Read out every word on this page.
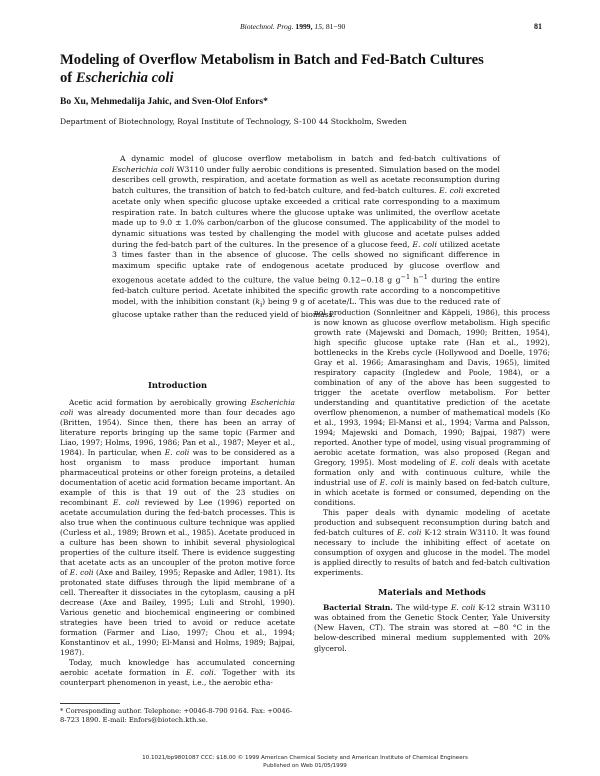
Biotechnol. Prog. 1999, 15, 81−90	81
Modeling of Overflow Metabolism in Batch and Fed-Batch Cultures
of Escherichia coli
Bo Xu, Mehmedalija Jahic, and Sven-Olof Enfors*
Department of Biotechnology, Royal Institute of Technology, S-100 44 Stockholm, Sweden
A dynamic model of glucose overflow metabolism in batch and fed-batch cultivations of Escherichia coli W3110 under fully aerobic conditions is presented. Simulation based on the model describes cell growth, respiration, and acetate formation as well as acetate reconsumption during batch cultures, the transition of batch to fed-batch culture, and fed-batch cultures. E. coli excreted acetate only when specific glucose uptake exceeded a critical rate corresponding to a maximum respiration rate. In batch cultures where the glucose uptake was unlimited, the overflow acetate made up to 9.0 ± 1.0% carbon/carbon of the glucose consumed. The applicability of the model to dynamic situations was tested by challenging the model with glucose and acetate pulses added during the fed-batch part of the cultures. In the presence of a glucose feed, E. coli utilized acetate 3 times faster than in the absence of glucose. The cells showed no significant difference in maximum specific uptake rate of endogenous acetate produced by glucose overflow and exogenous acetate added to the culture, the value being 0.12−0.18 g $g^{-1}$ $h^{-1}$ during the entire fed-batch culture period. Acetate inhibited the specific growth rate according to a noncompetitive model, with the inhibition constant $(k_i)$ being 9 g of acetate/L. This was due to the reduced rate of glucose uptake rather than the reduced yield of biomass.
Introduction

Acetic acid formation by aerobically growing Escherichia coli was already documented more than four decades ago (Britten, 1954). Since then, there has been an array of literature reports bringing up the same topic (Farmer and Liao, 1997; Holms, 1996, 1986; Pan et al., 1987; Meyer et al., 1984). In particular, when E. coli was to be considered as a host organism to mass produce important human pharmaceutical proteins or other foreign proteins, a detailed documentation of acetic acid formation became important. An example of this is that 19 out of the 23 studies on recombinant E. coli reviewed by Lee (1996) reported on acetate accumulation during the fed-batch processes. This is also true when the continuous culture technique was applied (Curless et al., 1989; Brown et al., 1985). Acetate produced in a culture has been shown to inhibit several physiological properties of the culture itself. There is evidence suggesting that acetate acts as an uncoupler of the proton motive force of E. coli (Axe and Bailey, 1995; Repaske and Adler, 1981). Its protonated state diffuses through the lipid membrane of a cell. Thereafter it dissociates in the cytoplasm, causing a pH decrease (Axe and Bailey, 1995; Luli and Strohl, 1990). Various genetic and biochemical engineering or combined strategies have been tried to avoid or reduce acetate formation (Farmer and Liao, 1997; Chou et al., 1994; Konstantinov et al., 1990; El-Mansi and Holms, 1989; Bajpai, 1987).

Today, much knowledge has accumulated concerning aerobic acetate formation in E. coli. Together with its counterpart phenomenon in yeast, i.e., the aerobic etha-

nol production (Sonnleitner and Käppeli, 1986), this process is now known as glucose overflow metabolism. High specific growth rate (Majewski and Domach, 1990; Britten, 1954), high specific glucose uptake rate (Han et al., 1992), bottlenecks in the Krebs cycle (Hollywood and Doelle, 1976; Gray et al. 1966; Amarasingham and Davis, 1965), limited respiratory capacity (Ingledew and Poole, 1984), or a combination of any of the above has been suggested to trigger the acetate overflow metabolism. For better understanding and quantitative prediction of the acetate overflow phenomenon, a number of mathematical models (Ko et al., 1993, 1994; El-Mansi et al., 1994; Varma and Palsson, 1994; Majewski and Domach, 1990; Bajpai, 1987) were reported. Another type of model, using visual programming of aerobic acetate formation, was also proposed (Regan and Gregory, 1995). Most modeling of E. coli deals with acetate formation only and with continuous culture, while the industrial use of E. coli is mainly based on fed-batch culture, in which acetate is formed or consumed, depending on the conditions.

This paper deals with dynamic modeling of acetate production and subsequent reconsumption during batch and fed-batch cultures of E. coli K-12 strain W3110. It was found necessary to include the inhibiting effect of acetate on consumption of oxygen and glucose in the model. The model is applied directly to results of batch and fed-batch cultivation experiments.

Materials and Methods

Bacterial Strain. The wild-type E. coli K-12 strain W3110 was obtained from the Genetic Stock Center, Yale University (New Haven, CT). The strain was stored at −80 °C in the below-described mineral medium supplemented with 20% glycerol.

* Corresponding author. Telephone: +0046-8-790 9164. Fax: +0046-8-723 1890. E-mail: Enfors@biotech.kth.se.
10.1021/bp9801087 CCC: $18.00 © 1999 American Chemical Society and American Institute of Chemical Engineers
Published on Web 01/05/1999
